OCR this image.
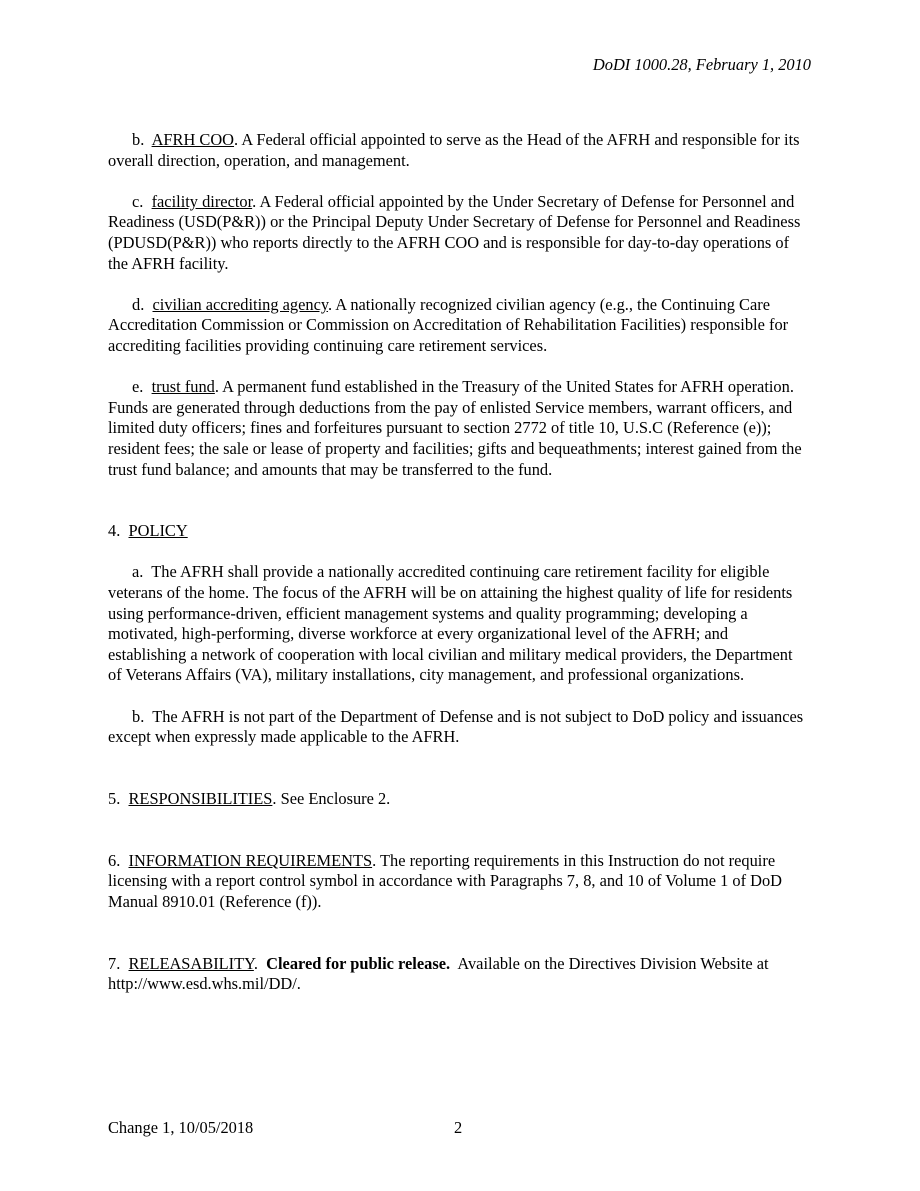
DoDI 1000.28, February 1, 2010

b. AFRH COO. A Federal official appointed to serve as the Head of the AFRH and responsible for its overall direction, operation, and management.

c. facility director. A Federal official appointed by the Under Secretary of Defense for Personnel and Readiness (USD(P&R)) or the Principal Deputy Under Secretary of Defense for Personnel and Readiness (PDUSD(P&R)) who reports directly to the AFRH COO and is responsible for day-to-day operations of the AFRH facility.

d. civilian accrediting agency. A nationally recognized civilian agency (e.g., the Continuing Care Accreditation Commission or Commission on Accreditation of Rehabilitation Facilities) responsible for accrediting facilities providing continuing care retirement services.

e. trust fund. A permanent fund established in the Treasury of the United States for AFRH operation. Funds are generated through deductions from the pay of enlisted Service members, warrant officers, and limited duty officers; fines and forfeitures pursuant to section 2772 of title 10, U.S.C (Reference (e)); resident fees; the sale or lease of property and facilities; gifts and bequeathments; interest gained from the trust fund balance; and amounts that may be transferred to the fund.

4. POLICY

a. The AFRH shall provide a nationally accredited continuing care retirement facility for eligible veterans of the home. The focus of the AFRH will be on attaining the highest quality of life for residents using performance-driven, efficient management systems and quality programming; developing a motivated, high-performing, diverse workforce at every organizational level of the AFRH; and establishing a network of cooperation with local civilian and military medical providers, the Department of Veterans Affairs (VA), military installations, city management, and professional organizations.

b. The AFRH is not part of the Department of Defense and is not subject to DoD policy and issuances except when expressly made applicable to the AFRH.

5. RESPONSIBILITIES. See Enclosure 2.

6. INFORMATION REQUIREMENTS. The reporting requirements in this Instruction do not require licensing with a report control symbol in accordance with Paragraphs 7, 8, and 10 of Volume 1 of DoD Manual 8910.01 (Reference (f)).

7. RELEASABILITY.  Cleared for public release.  Available on the Directives Division Website at http://www.esd.whs.mil/DD/.

Change 1, 10/05/2018	2
